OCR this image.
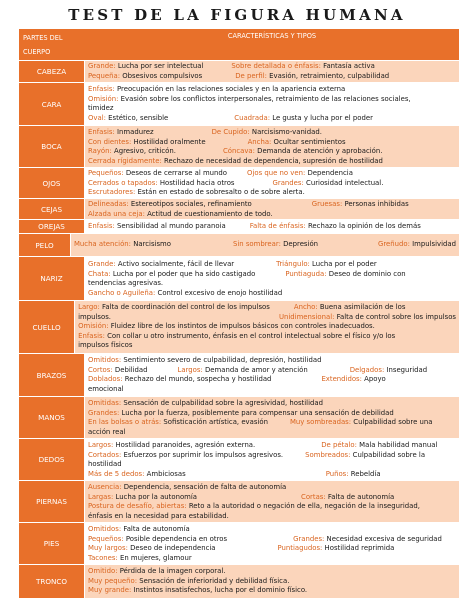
TEST DE LA FIGURA HUMANA
PARTES DEL
CUERPO
CARACTERÍSTICAS Y TIPOS
CABEZA
Grande: Lucha por ser intelectual	Sobre detallada o énfasis: Fantasía activa
Pequeña: Obsesivos compulsivos	De perfil: Evasión, retraimiento, culpabilidad
CARA
Énfasis: Preocupación en las relaciones sociales y en la apariencia externa
Omisión: Evasión sobre los conflictos interpersonales, retraimiento de las relaciones sociales,
timidez
Oval: Estético, sensible	Cuadrada: Le gusta y lucha por el poder
BOCA
Énfasis: Inmadurez	De Cupido: Narcisismo-vanidad.
Con dientes: Hostilidad oralmente	Ancha: Ocultar sentimientos
Rayón: Agresivo, criticón.	Cóncava: Demanda de atención y aprobación.
Cerrada rígidamente: Rechazo de necesidad de dependencia, supresión de hostilidad
OJOS
Pequeños: Deseos de cerrarse al mundo	Ojos que no ven: Dependencia
Cerrados o tapados: Hostilidad hacia otros	Grandes: Curiosidad intelectual.
Escrutadores: Están en estado de sobresalto o de sobre alerta.
CEJAS
Delineadas: Estereotipos sociales, refinamiento	Gruesas: Personas inhibidas
Alzada una ceja: Actitud de cuestionamiento de todo.
OREJAS	Énfasis: Sensibilidad al mundo paranoia	Falta de énfasis: Rechazo la opinión de los demás
PELO	Mucha atención: Narcisismo	Sin sombrear: Depresión	Greñudo: Impulsividad
NARIZ
Grande: Activo socialmente, fácil de llevar	Triángulo: Lucha por el poder
Chata: Lucha por el poder que ha sido castigado	Puntiaguda: Deseo de dominio con
tendencias agresivas.
Gancho o Aguileña: Control excesivo de enojo hostilidad
CUELLO
Largo: Falta de coordinación del control de los impulsos	Ancho: Buena asimilación de los
impulsos.	Unidimensional: Falta de control sobre los impulsos
Omisión: Fluidez libre de los instintos de impulsos básicos con controles inadecuados.
Énfasis: Con collar u otro instrumento, énfasis en el control intelectual sobre el físico y/o los
impulsos físicos
BRAZOS
Omitidos: Sentimiento severo de culpabilidad, depresión, hostilidad
Cortos: Debilidad	Largos: Demanda de amor y atención	Delgados: Inseguridad
Doblados: Rechazo del mundo, sospecha y hostilidad	Extendidos: Apoyo
emocional
MANOS
Omitidas: Sensación de culpabilidad sobre la agresividad, hostilidad
Grandes: Lucha por la fuerza, posiblemente para compensar una sensación de debilidad
En las bolsas o atrás: Sofisticación artística, evasión	Muy sombreadas: Culpabilidad sobre una
acción real
DEDOS
Largos: Hostilidad paranoides, agresión externa.	De pétalo: Mala habilidad manual
Cortados: Esfuerzos por suprimir los impulsos agresivos.	Sombreados: Culpabilidad sobre la
hostilidad
Más de 5 dedos: Ambiciosas	Puños: Rebeldía
PIERNAS
Ausencia: Dependencia, sensación de falta de autonomía
Largas: Lucha por la autonomía	Cortas: Falta de autonomía
Postura de desafío, abiertas: Reto a la autoridad o negación de ella, negación de la inseguridad,
énfasis en la necesidad para estabilidad.
PIES
Omitidos: Falta de autonomía
Pequeños: Posible dependencia en otros	Grandes: Necesidad excesiva de seguridad
Muy largos: Deseo de independencia	Puntiagudos: Hostilidad reprimida
Tacones: En mujeres, glamour
TRONCO
Omitido: Pérdida de la imagen corporal.
Muy pequeño: Sensación de inferioridad y debilidad física.
Muy grande: Instintos insatisfechos, lucha por el dominio físico.
